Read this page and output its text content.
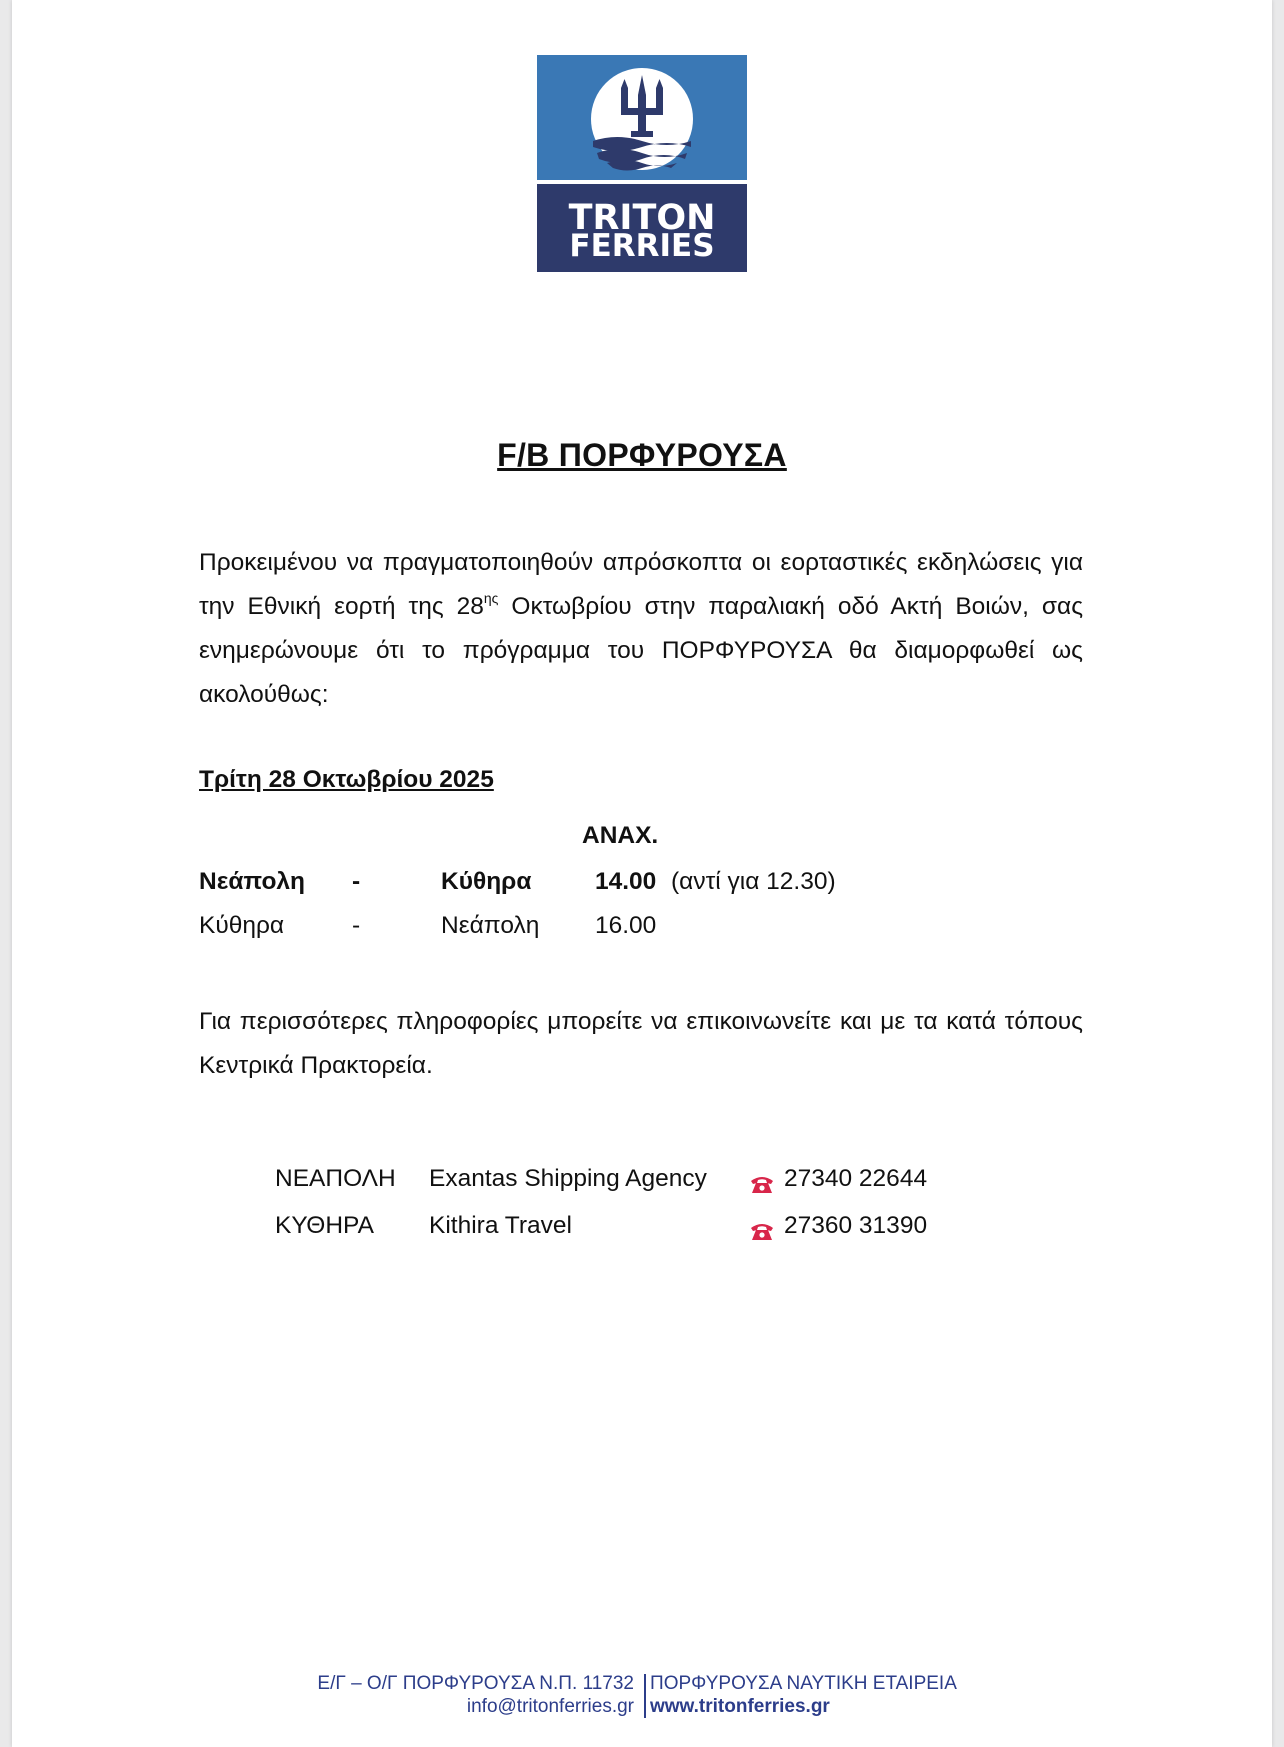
TRITON
FERRIES
F/B ΠΟΡΦΥΡΟΥΣΑ
Προκειμένου να πραγματοποιηθούν απρόσκοπτα οι εορταστικές εκδηλώσεις για την Εθνική εορτή της $28^{\eta\varsigma}$ Οκτωβρίου στην παραλιακή οδό Ακτή Βοιών, σας ενημερώνουμε ότι το πρόγραμμα του ΠΟΡΦΥΡΟΥΣΑ θα διαμορφωθεί ως ακολούθως:
Τρίτη 28 Οκτωβρίου 2025
ΑΝΑΧ.
Νεάπολη -	Κύθηρα	14.00 (αντί για 12.30)
Κύθηρα	-	Νεάπολη 16.00
Για περισσότερες πληροφορίες μπορείτε να επικοινωνείτε και με τα κατά τόπους Κεντρικά Πρακτορεία.
ΝΕΑΠΟΛΗ Exantas Shipping Agency	27340 22644
ΚΥΘΗΡΑ Kithira Travel	27360 31390
Ε/Γ – Ο/Γ ΠΟΡΦΥΡΟΥΣΑ Ν.Π. 11732 ΠΟΡΦΥΡΟΥΣΑ ΝΑΥΤΙΚΗ ΕΤΑΙΡΕΙΑ
info@tritonferries.gr www.tritonferries.gr
